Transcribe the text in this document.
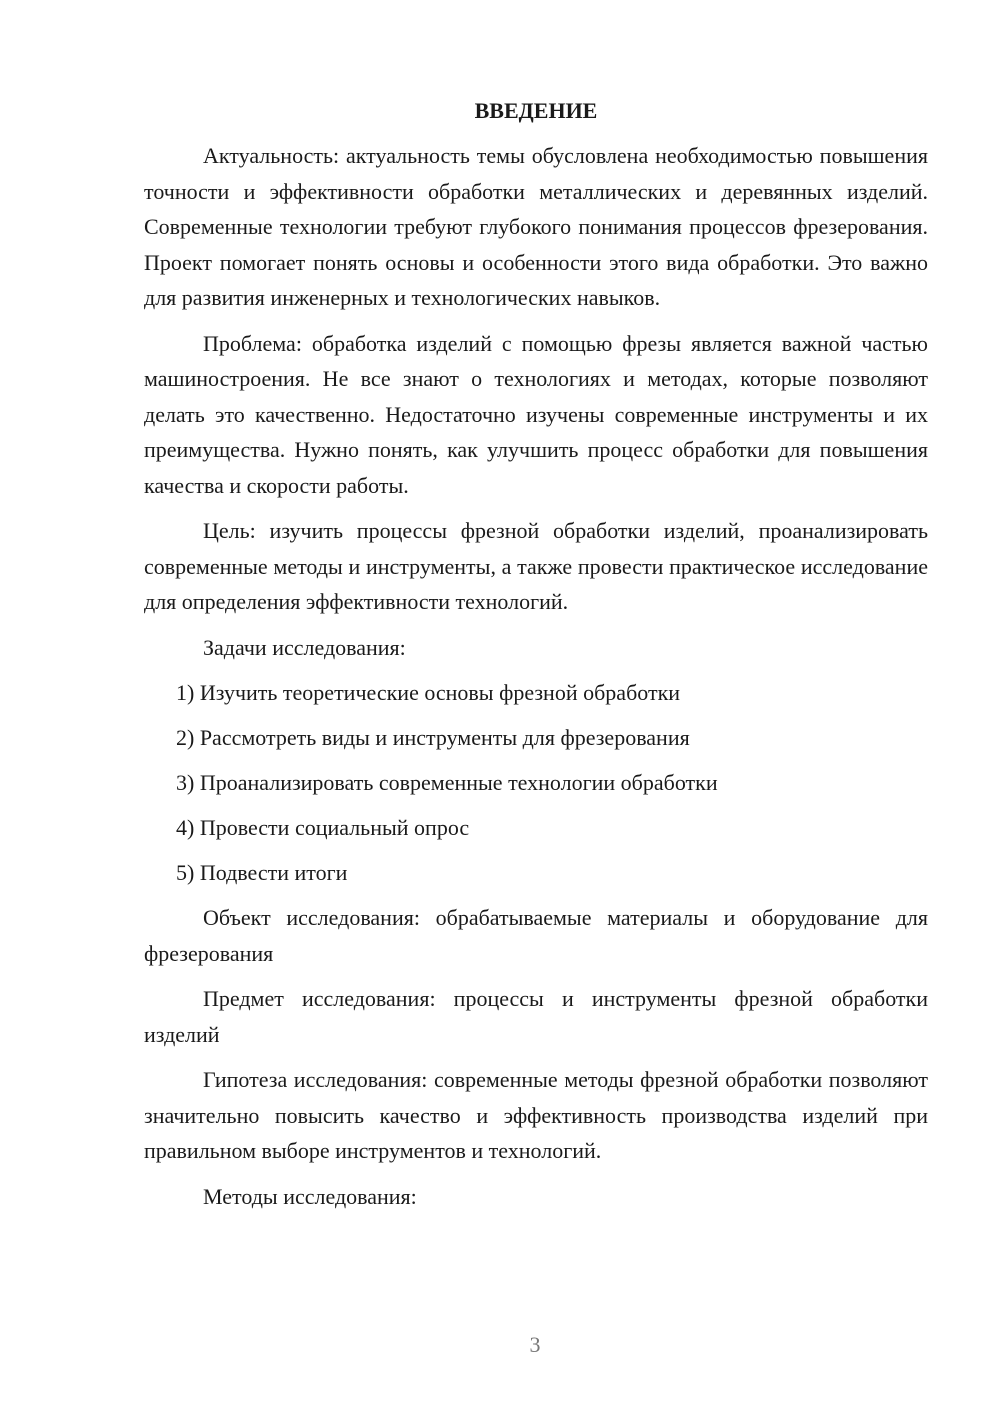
ВВЕДЕНИЕ

Актуальность: актуальность темы обусловлена необходимостью повышения точности и эффективности обработки металлических и деревянных изделий. Современные технологии требуют глубокого понимания процессов фрезерования. Проект помогает понять основы и особенности этого вида обработки. Это важно для развития инженерных и технологических навыков.

Проблема: обработка изделий с помощью фрезы является важной частью машиностроения. Не все знают о технологиях и методах, которые позволяют делать это качественно. Недостаточно изучены современные инструменты и их преимущества. Нужно понять, как улучшить процесс обработки для повышения качества и скорости работы.

Цель: изучить процессы фрезной обработки изделий, проанализировать современные методы и инструменты, а также провести практическое исследование для определения эффективности технологий.

Задачи исследования:

1) Изучить теоретические основы фрезной обработки
2) Рассмотреть виды и инструменты для фрезерования
3) Проанализировать современные технологии обработки
4) Провести социальный опрос
5) Подвести итоги

Объект исследования: обрабатываемые материалы и оборудование для фрезерования

Предмет исследования: процессы и инструменты фрезной обработки изделий

Гипотеза исследования: современные методы фрезной обработки позволяют значительно повысить качество и эффективность производства изделий при правильном выборе инструментов и технологий.

Методы исследования:

3
